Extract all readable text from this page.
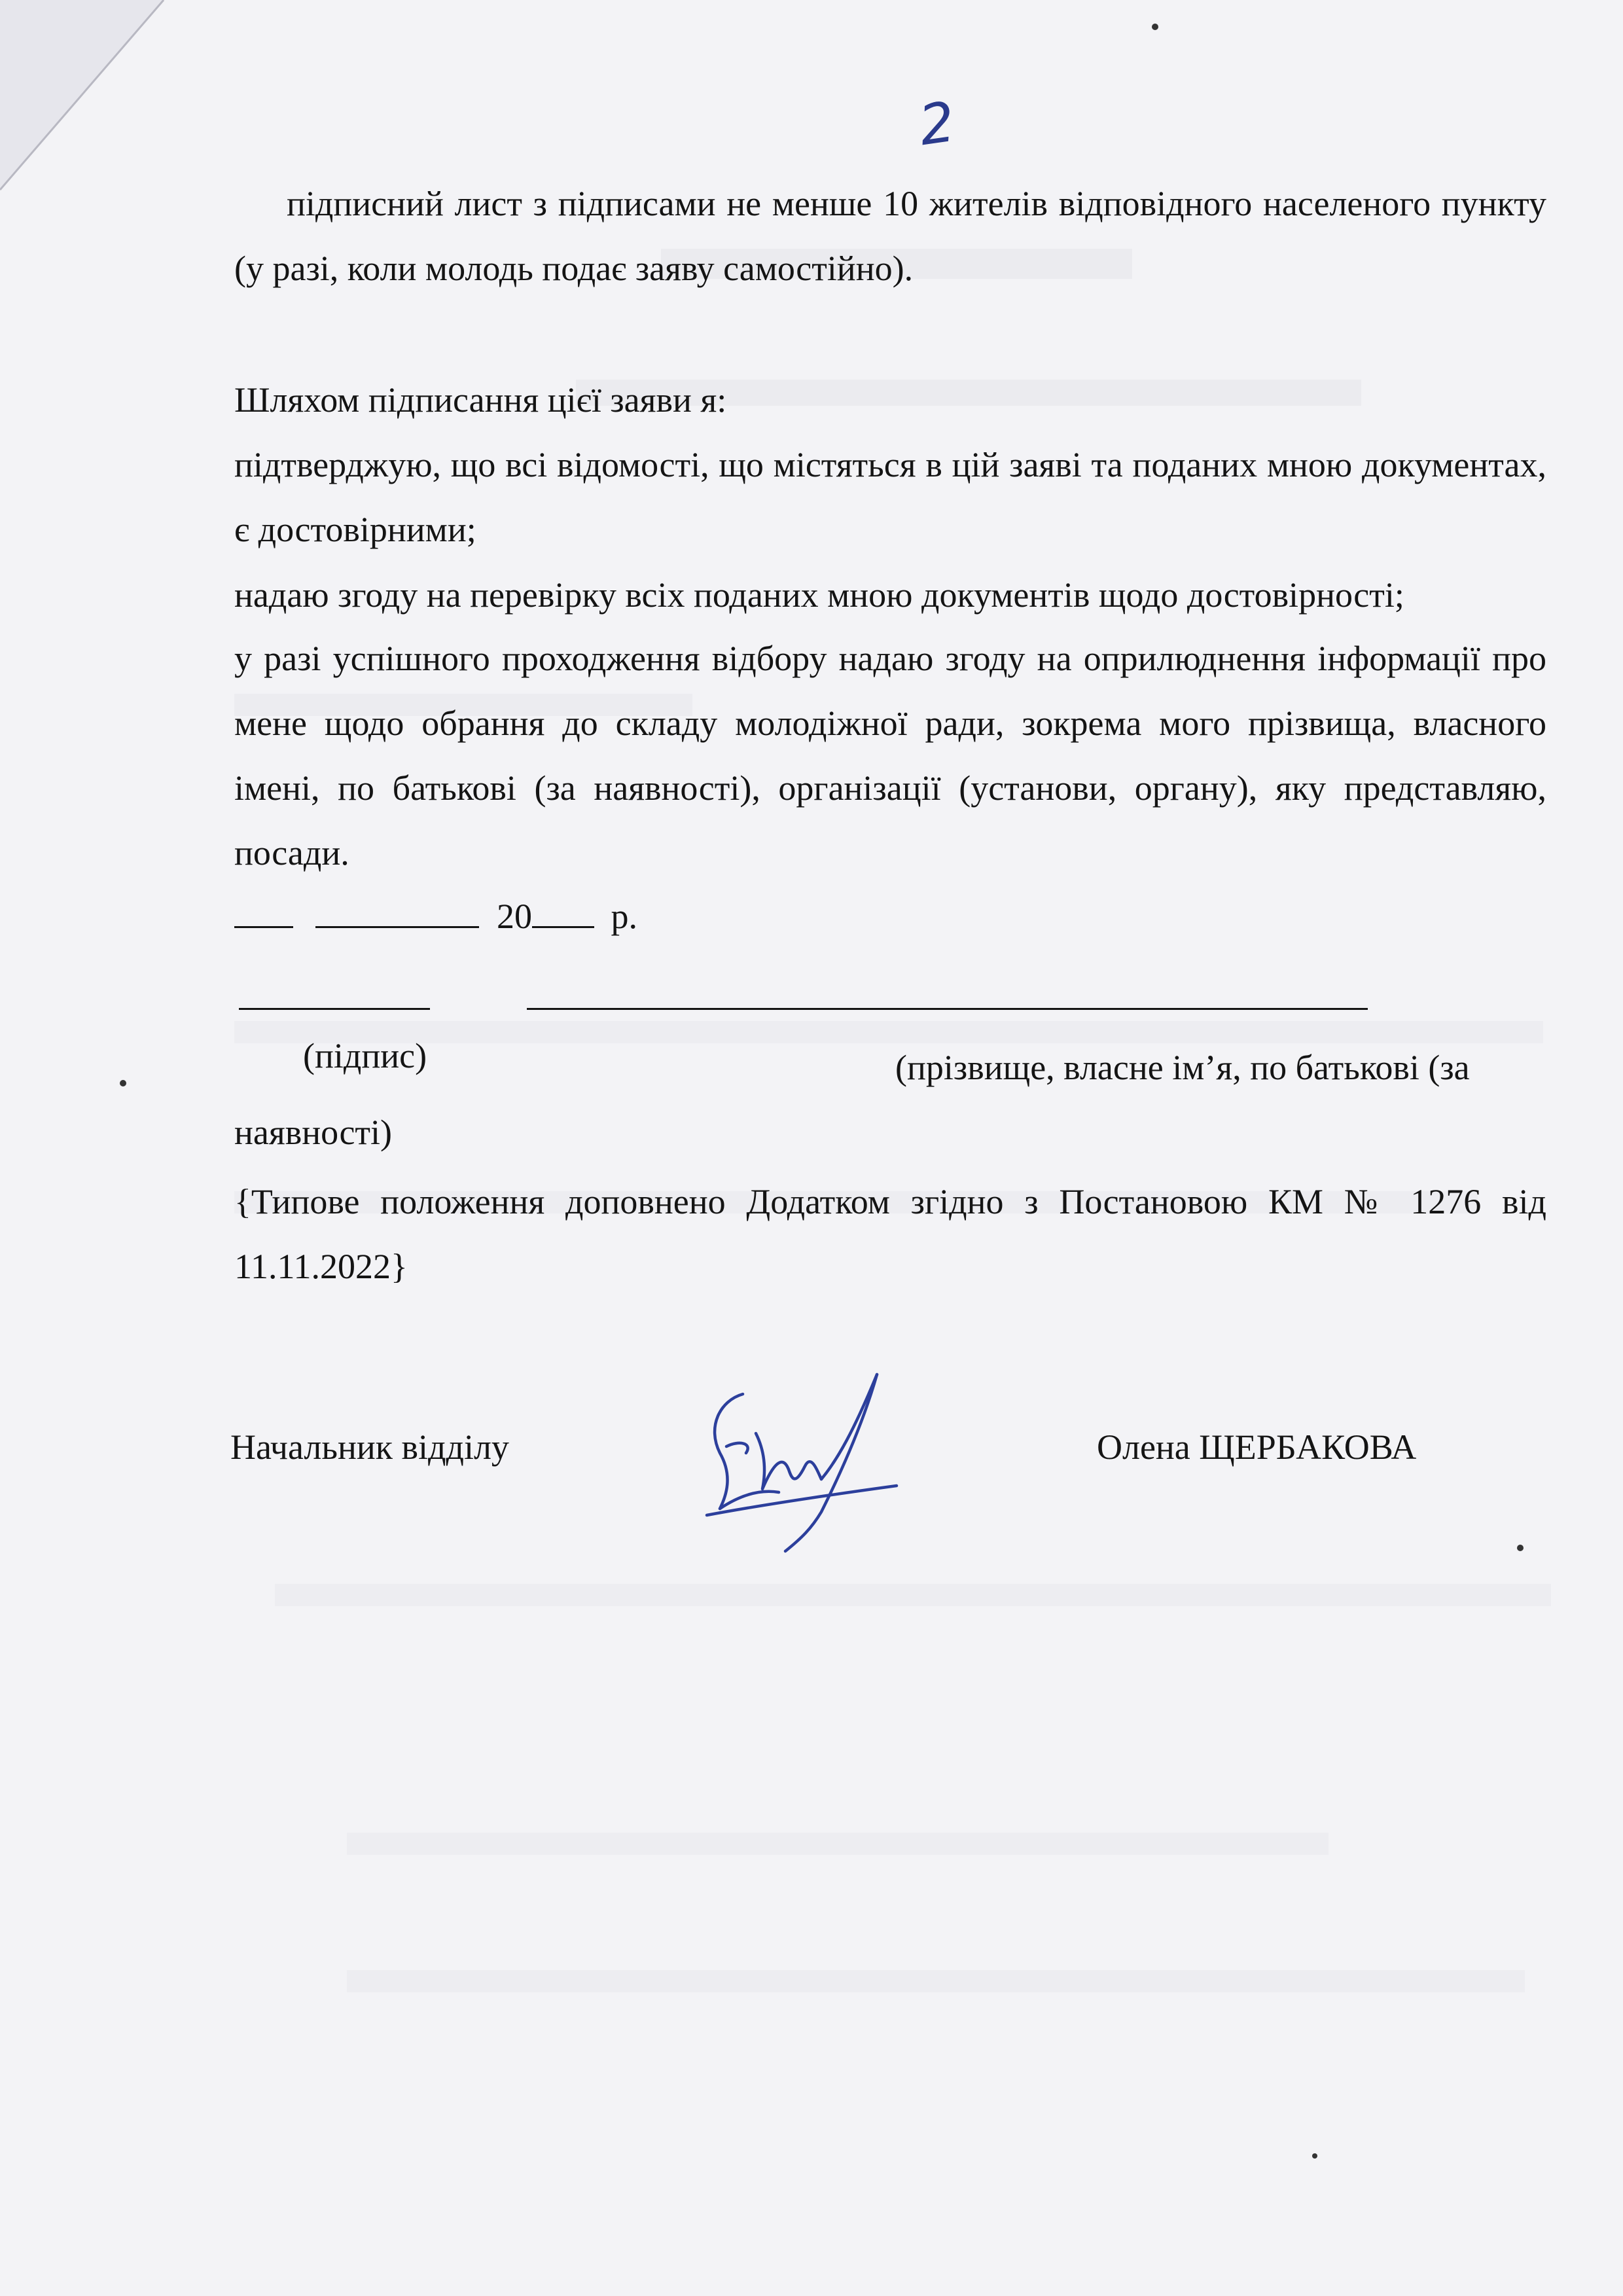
2

підписний лист з підписами не менше 10 жителів відповідного населеного пункту (у разі, коли молодь подає заяву самостійно).

Шляхом підписання цієї заяви я:

підтверджую, що всі відомості, що містяться в цій заяві та поданих мною документах, є достовірними;

надаю згоду на перевірку всіх поданих мною документів щодо достовірності;

у разі успішного проходження відбору надаю згоду на оприлюднення інформації про мене щодо обрання до складу молодіжної ради, зокрема мого прізвища, власного імені, по батькові (за наявності), організації (установи, органу), яку представляю, посади.

20 р.
(підпис)	(прізвище, власне ім’я, по батькові (за наявності)

{Типове положення доповнено Додатком згідно з Постановою КМ № 1276 від 11.11.2022}

Начальник відділу	Олена ЩЕРБАКОВА
